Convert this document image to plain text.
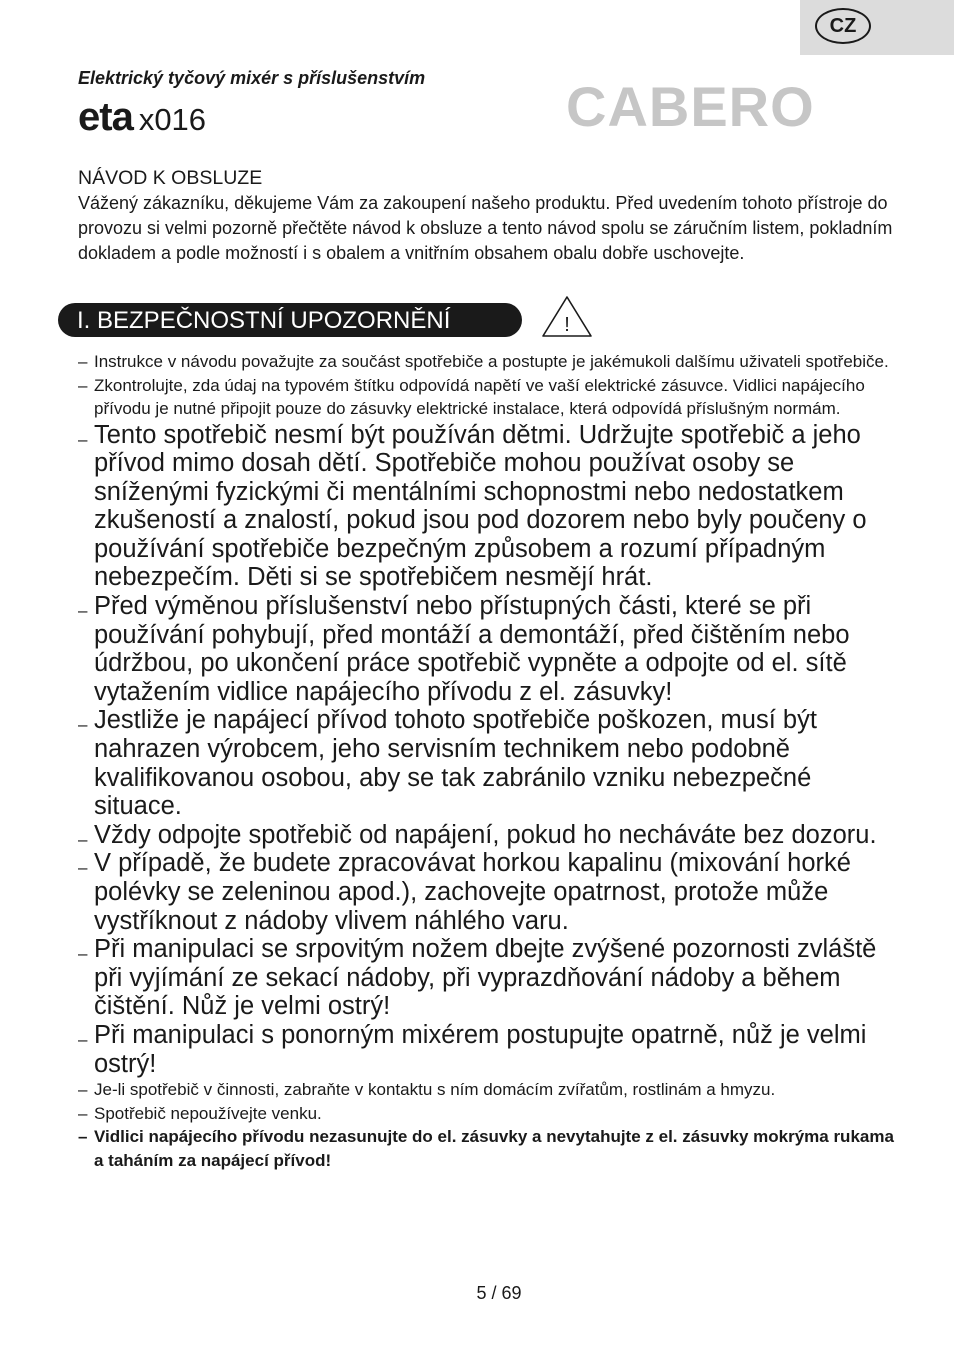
CZ
Elektrický tyčový mixér s příslušenstvím
eta x016	CABERO
NÁVOD K OBSLUZE
Vážený zákazníku, děkujeme Vám za zakoupení našeho produktu. Před uvedením tohoto přístroje do provozu si velmi pozorně přečtěte návod k obsluze a tento návod spolu se záručním listem, pokladním dokladem a podle možností i s obalem a vnitřním obsahem obalu dobře uschovejte.
I. BEZPEČNOSTNÍ UPOZORNĚNÍ	!
– Instrukce v návodu považujte za součást spotřebiče a postupte je jakémukoli dalšímu uživateli spotřebiče.
– Zkontrolujte, zda údaj na typovém štítku odpovídá napětí ve vaší elektrické zásuvce. Vidlici napájecího přívodu je nutné připojit pouze do zásuvky elektrické instalace, která odpovídá příslušným normám.
– Tento spotřebič nesmí být používán dětmi. Udržujte spotřebič a jeho přívod mimo dosah dětí. Spotřebiče mohou používat osoby se sníženými fyzickými či mentálními schopnostmi nebo nedostatkem zkušeností a znalostí, pokud jsou pod dozorem nebo byly poučeny o používání spotřebiče bezpečným způsobem a rozumí případným nebezpečím. Děti si se spotřebičem nesmějí hrát.
– Před výměnou příslušenství nebo přístupných části, které se při používání pohybují, před montáží a demontáží, před čištěním nebo údržbou, po ukončení práce spotřebič vypněte a odpojte od el. sítě vytažením vidlice napájecího přívodu z el. zásuvky!
– Jestliže je napájecí přívod tohoto spotřebiče poškozen, musí být nahrazen výrobcem, jeho servisním technikem nebo podobně kvalifikovanou osobou, aby se tak zabránilo vzniku nebezpečné situace.
– Vždy odpojte spotřebič od napájení, pokud ho necháváte bez dozoru.
– V případě, že budete zpracovávat horkou kapalinu (mixování horké polévky se zeleninou apod.), zachovejte opatrnost, protože může vystříknout z nádoby vlivem náhlého varu.
– Při manipulaci se srpovitým nožem dbejte zvýšené pozornosti zvláště při vyjímání ze sekací nádoby, při vyprazdňování nádoby a během čištění. Nůž je velmi ostrý!
– Při manipulaci s ponorným mixérem postupujte opatrně, nůž je velmi ostrý!
– Je-li spotřebič v činnosti, zabraňte v kontaktu s ním domácím zvířatům, rostlinám a hmyzu.
– Spotřebič nepoužívejte venku.
– Vidlici napájecího přívodu nezasunujte do el. zásuvky a nevytahujte z el. zásuvky mokrýma rukama a taháním za napájecí přívod!
5 / 69
